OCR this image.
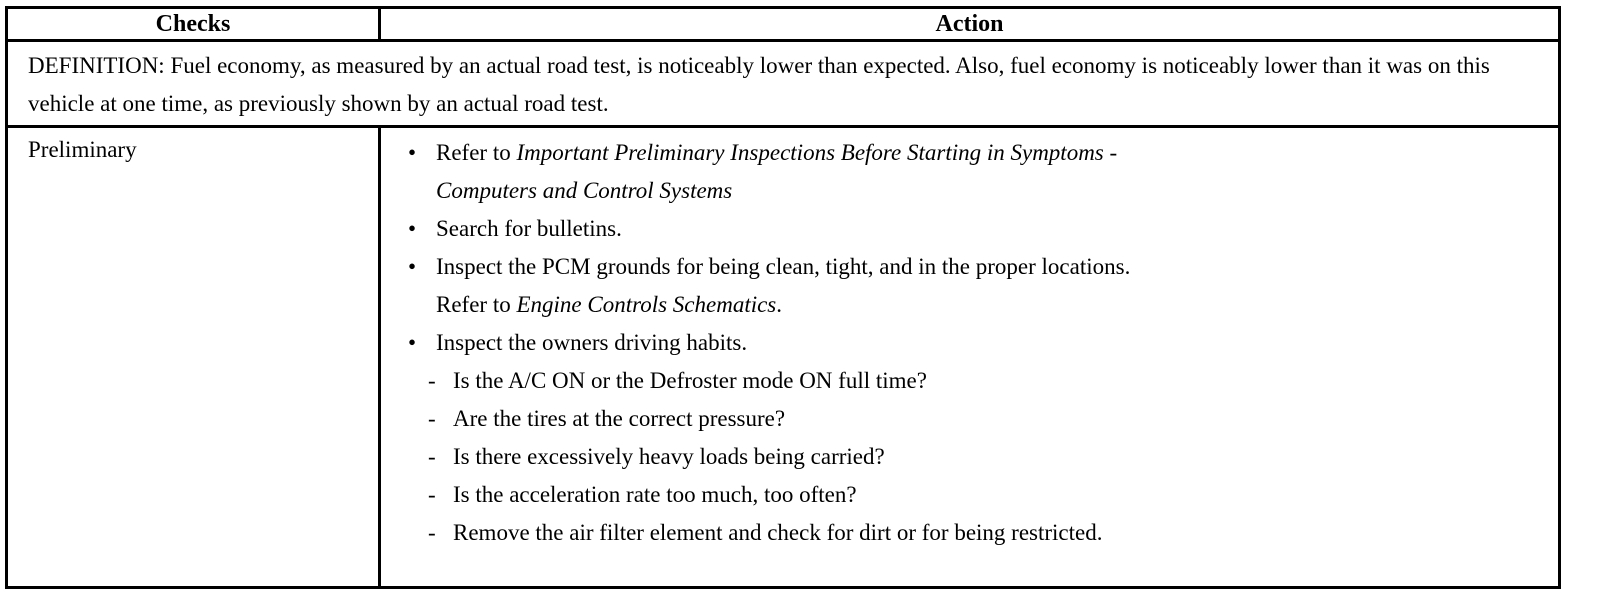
Checks	Action
DEFINITION: Fuel economy, as measured by an actual road test, is noticeably lower than expected. Also, fuel economy is noticeably lower than it was on this vehicle at one time, as previously shown by an actual road test.
Preliminary	• Refer to Important Preliminary Inspections Before Starting in Symptoms -
Computers and Control Systems
• Search for bulletins.
• Inspect the PCM grounds for being clean, tight, and in the proper locations.
Refer to Engine Controls Schematics.
• Inspect the owners driving habits.
- Is the A/C ON or the Defroster mode ON full time?
- Are the tires at the correct pressure?
- Is there excessively heavy loads being carried?
- Is the acceleration rate too much, too often?
- Remove the air filter element and check for dirt or for being restricted.
